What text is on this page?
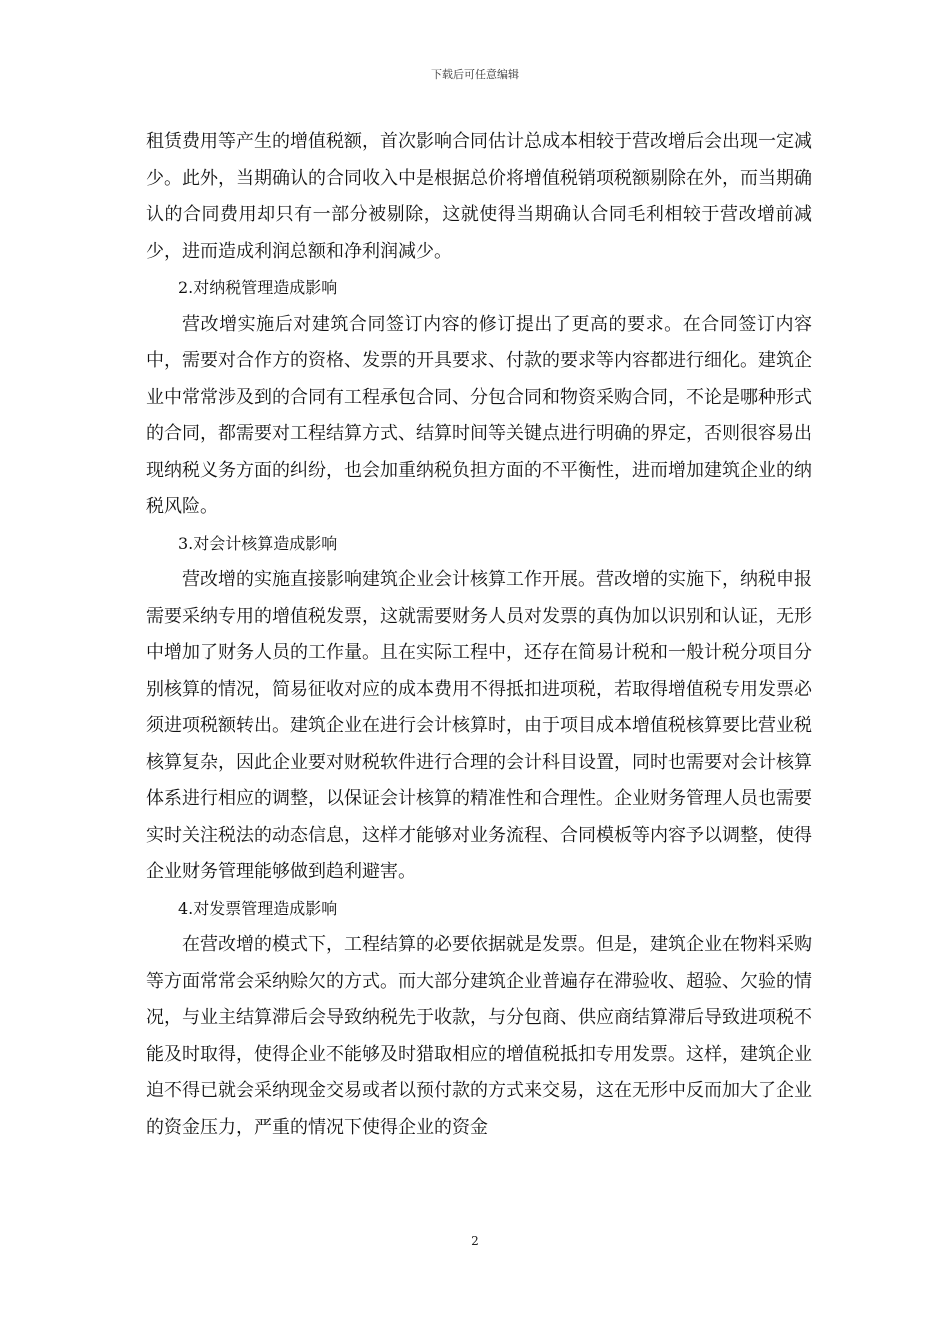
下载后可任意编辑

租赁费用等产生的增值税额，首次影响合同估计总成本相较于营改增后会出现一定减少。此外，当期确认的合同收入中是根据总价将增值税销项税额剔除在外，而当期确认的合同费用却只有一部分被剔除，这就使得当期确认合同毛利相较于营改增前减少，进而造成利润总额和净利润减少。

2.对纳税管理造成影响

营改增实施后对建筑合同签订内容的修订提出了更高的要求。在合同签订内容中，需要对合作方的资格、发票的开具要求、付款的要求等内容都进行细化。建筑企业中常常涉及到的合同有工程承包合同、分包合同和物资采购合同，不论是哪种形式的合同，都需要对工程结算方式、结算时间等关键点进行明确的界定，否则很容易出现纳税义务方面的纠纷，也会加重纳税负担方面的不平衡性，进而增加建筑企业的纳税风险。

3.对会计核算造成影响

营改增的实施直接影响建筑企业会计核算工作开展。营改增的实施下，纳税申报需要采纳专用的增值税发票，这就需要财务人员对发票的真伪加以识别和认证，无形中增加了财务人员的工作量。且在实际工程中，还存在简易计税和一般计税分项目分别核算的情况，简易征收对应的成本费用不得抵扣进项税，若取得增值税专用发票必须进项税额转出。建筑企业在进行会计核算时，由于项目成本增值税核算要比营业税核算复杂，因此企业要对财税软件进行合理的会计科目设置，同时也需要对会计核算体系进行相应的调整，以保证会计核算的精准性和合理性。企业财务管理人员也需要实时关注税法的动态信息，这样才能够对业务流程、合同模板等内容予以调整，使得企业财务管理能够做到趋利避害。

4.对发票管理造成影响

在营改增的模式下，工程结算的必要依据就是发票。但是，建筑企业在物料采购等方面常常会采纳赊欠的方式。而大部分建筑企业普遍存在滞验收、超验、欠验的情况，与业主结算滞后会导致纳税先于收款，与分包商、供应商结算滞后导致进项税不能及时取得，使得企业不能够及时猎取相应的增值税抵扣专用发票。这样，建筑企业迫不得已就会采纳现金交易或者以预付款的方式来交易，这在无形中反而加大了企业的资金压力，严重的情况下使得企业的资金

2
